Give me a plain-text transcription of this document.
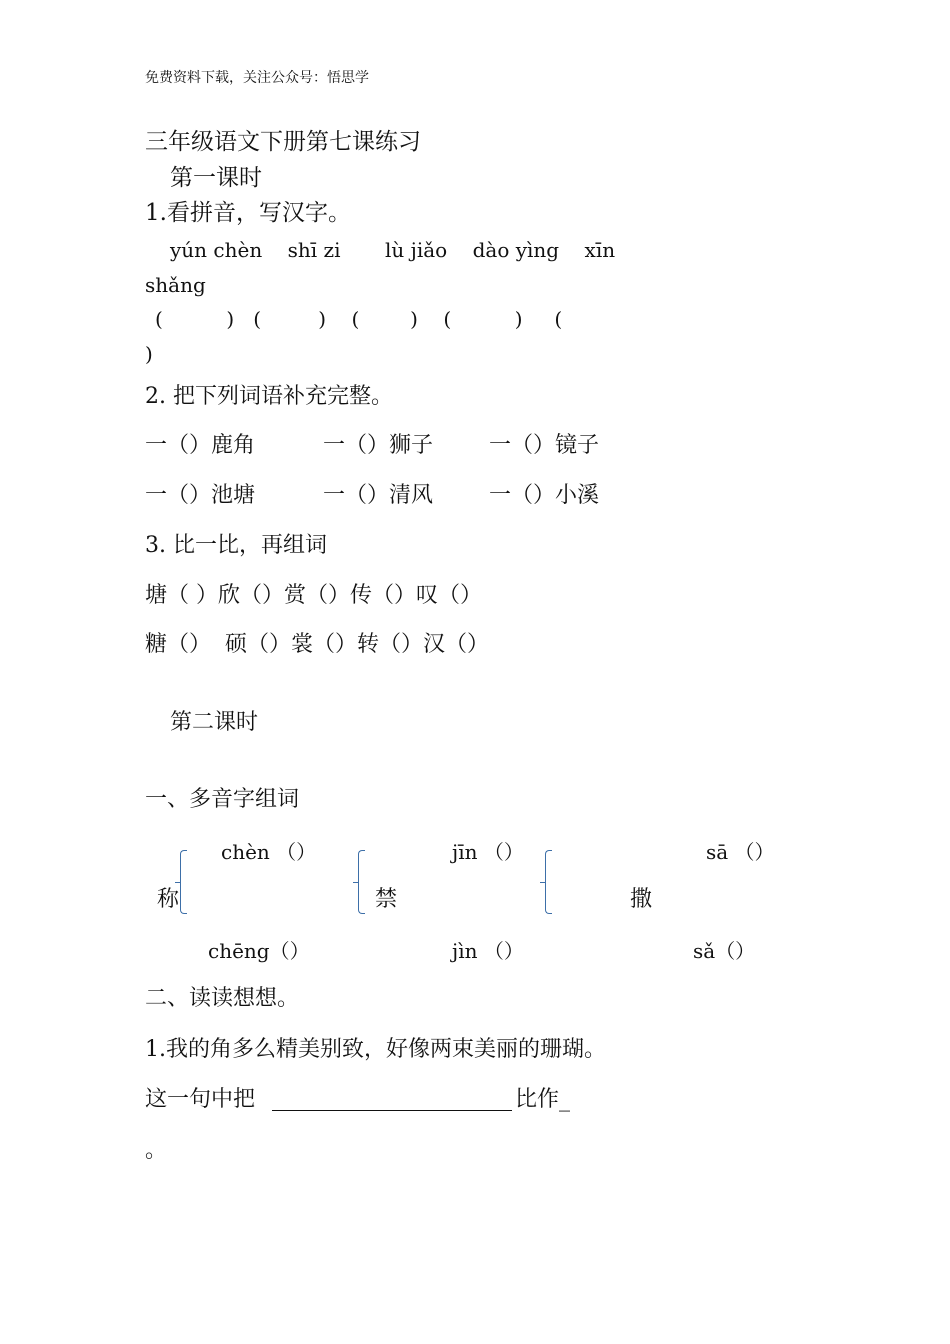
免费资料下载，关注公众号：悟思学
三年级语文下册第七课练习
第一课时
1.看拼音，写汉字。
yún chèn    shī zi       lù jiǎo    dào yìng    xīn
shǎng
(          )   (         )    (        )    (          )     (
)
2. 把下列词语补充完整。
一（）鹿角	一（）狮子	一（）镜子
一（）池塘	一（）清风	一（）小溪
3. 比一比，再组词
塘（ ）欣（）赏（）传（）叹（）
糖（）  硕（）裳（）转（）汉（）
第二课时
一、多音字组词
chèn （）	jīn （）	sā （）
称	禁	撒
chēng（）	jìn （）	sǎ（）
二、读读想想。
1.我的角多么精美别致，好像两束美丽的珊瑚。
这一句中把	比作_
。
